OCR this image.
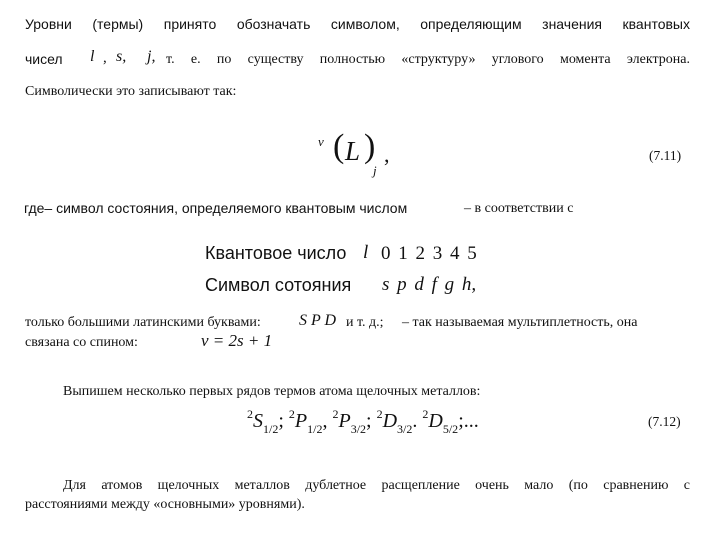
Уровни (термы) принято обозначать символом, определяющим значения квантовых
чисел l , s, j, т. е. по существу полностью «структуру» углового момента электрона.
Символически это записывают так:
ν ( L )
j
,	(7.11)
где– символ состояния, определяемого квантовым числом	– в соответствии с
Квантовое число l 0 1 2 3 4 5
Символ сотояния s p d f g h,
только большими латинскими буквами: S P D и т. д.; – так называемая мультиплетность, она
связана со спином:	ν = 2s + 1
Выпишем несколько первых рядов термов атома щелочных металлов:
$^2S_{1/2}$; $^2P_{1/2}$, $^2P_{3/2}$; $^2D_{3/2}$. $^2D_{5/2}$;...	(7.12)
Для атомов щелочных металлов дублетное расщепление очень мало (по сравнению с
расстояниями между «основными» уровнями).
